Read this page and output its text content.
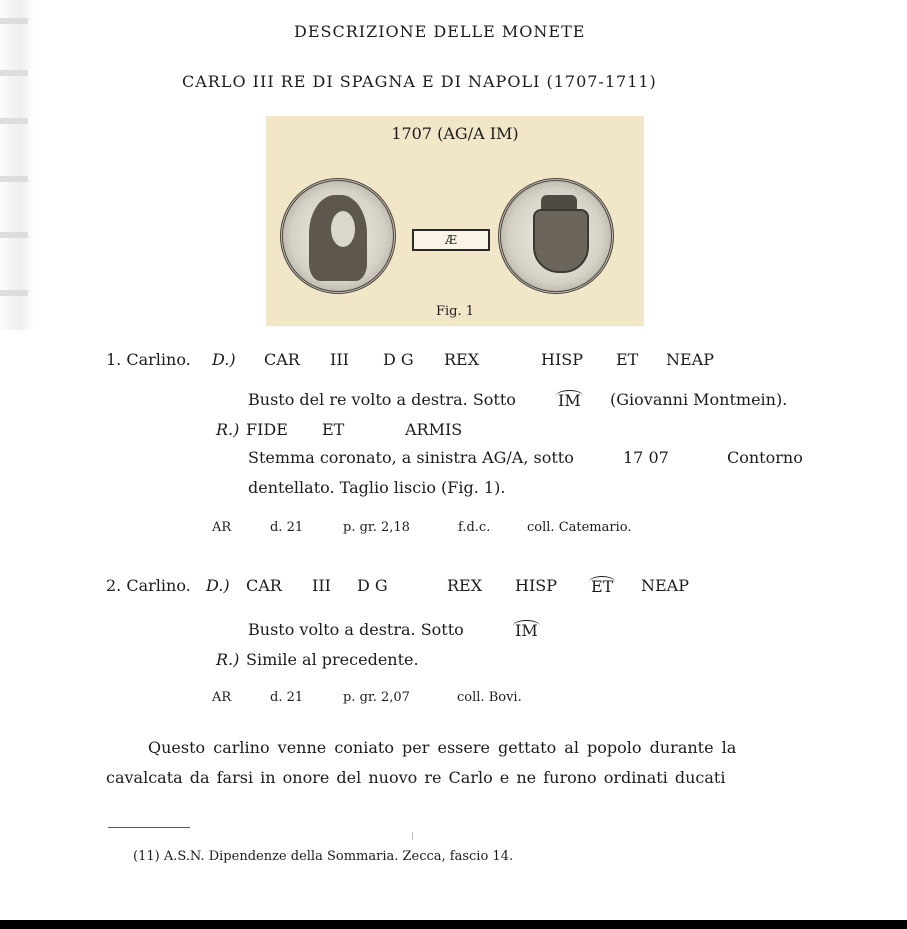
DESCRIZIONE DELLE MONETE
CARLO III RE DI SPAGNA E DI NAPOLI (1707-1711)
1707 (AG/A IM)
Æ
Fig. 1
1. Carlino. D.) CAR III D G REX	HISP ET NEAP
Busto del re volto a destra. Sotto	IM (Giovanni Montmein).
R.) FIDE ET	ARMIS
Stemma coronato, a sinistra AG/A, sotto	17 07	Contorno
dentellato. Taglio liscio (Fig. 1).
AR	d. 21	p. gr. 2,18	f.d.c.	coll. Catemario.
2. Carlino. D.) CAR III D G	REX HISP ET NEAP
Busto volto a destra. Sotto	IM
R.) Simile al precedente.
AR	d. 21	p. gr. 2,07	coll. Bovi.
Questo carlino venne coniato per essere gettato al popolo durante la
cavalcata da farsi in onore del nuovo re Carlo e ne furono ordinati ducati
(11) A.S.N. Dipendenze della Sommaria. Zecca, fascio 14.
